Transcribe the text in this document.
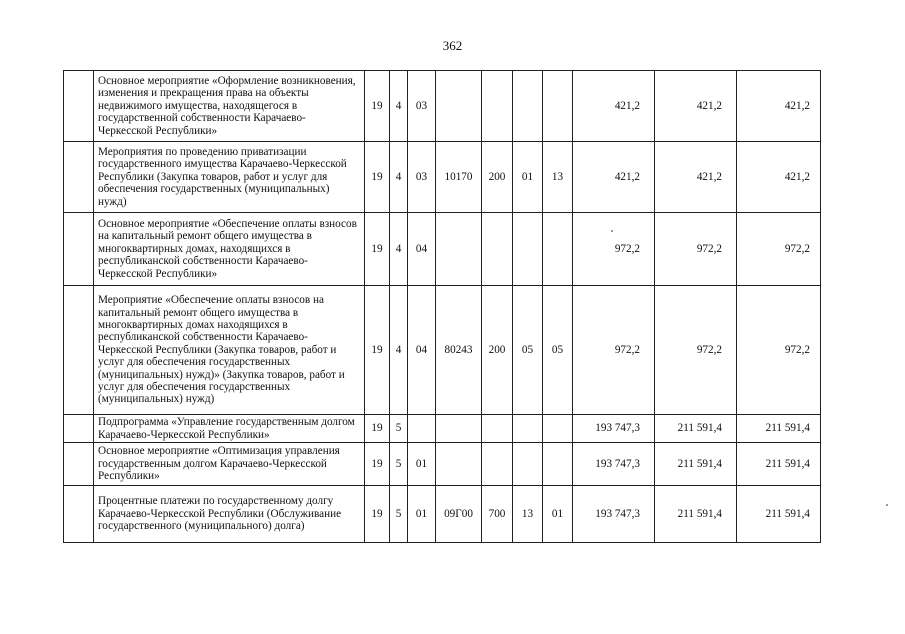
362
	Основное мероприятие «Оформление возникновения, изменения и прекращения права на объекты недвижимого имущества, находящегося в государственной собственности Карачаево-Черкесской Республики»	19	4	03					421,2	421,2	421,2
	Мероприятия по проведению приватизации государственного имущества Карачаево-Черкесской Республики (Закупка товаров, работ и услуг для обеспечения государственных (муниципальных) нужд)	19	4	03	10170	200	01	13	421,2	421,2	421,2
	Основное мероприятие «Обеспечение оплаты взносов на капитальный ремонт общего имущества в многоквартирных домах, находящихся в республиканской собственности Карачаево-Черкесской Республики»	19	4	04					972,2	972,2	972,2
	Мероприятие «Обеспечение оплаты взносов на капитальный ремонт общего имущества в многоквартирных домах находящихся в республиканской собственности Карачаево-Черкесской Республики (Закупка товаров, работ и услуг для обеспечения государственных (муниципальных) нужд)» (Закупка товаров, работ и услуг для обеспечения государственных (муниципальных) нужд)	19	4	04	80243	200	05	05	972,2	972,2	972,2
	Подпрограмма «Управление государственным долгом Карачаево-Черкесской Республики»	19	5						193 747,3	211 591,4	211 591,4
	Основное мероприятие «Оптимизация управления государственным долгом Карачаево-Черкесской Республики»	19	5	01					193 747,3	211 591,4	211 591,4
	Процентные платежи по государственному долгу Карачаево-Черкесской Республики (Обслуживание государственного (муниципального) долга)	19	5	01	09Г00	700	13	01	193 747,3	211 591,4	211 591,4
